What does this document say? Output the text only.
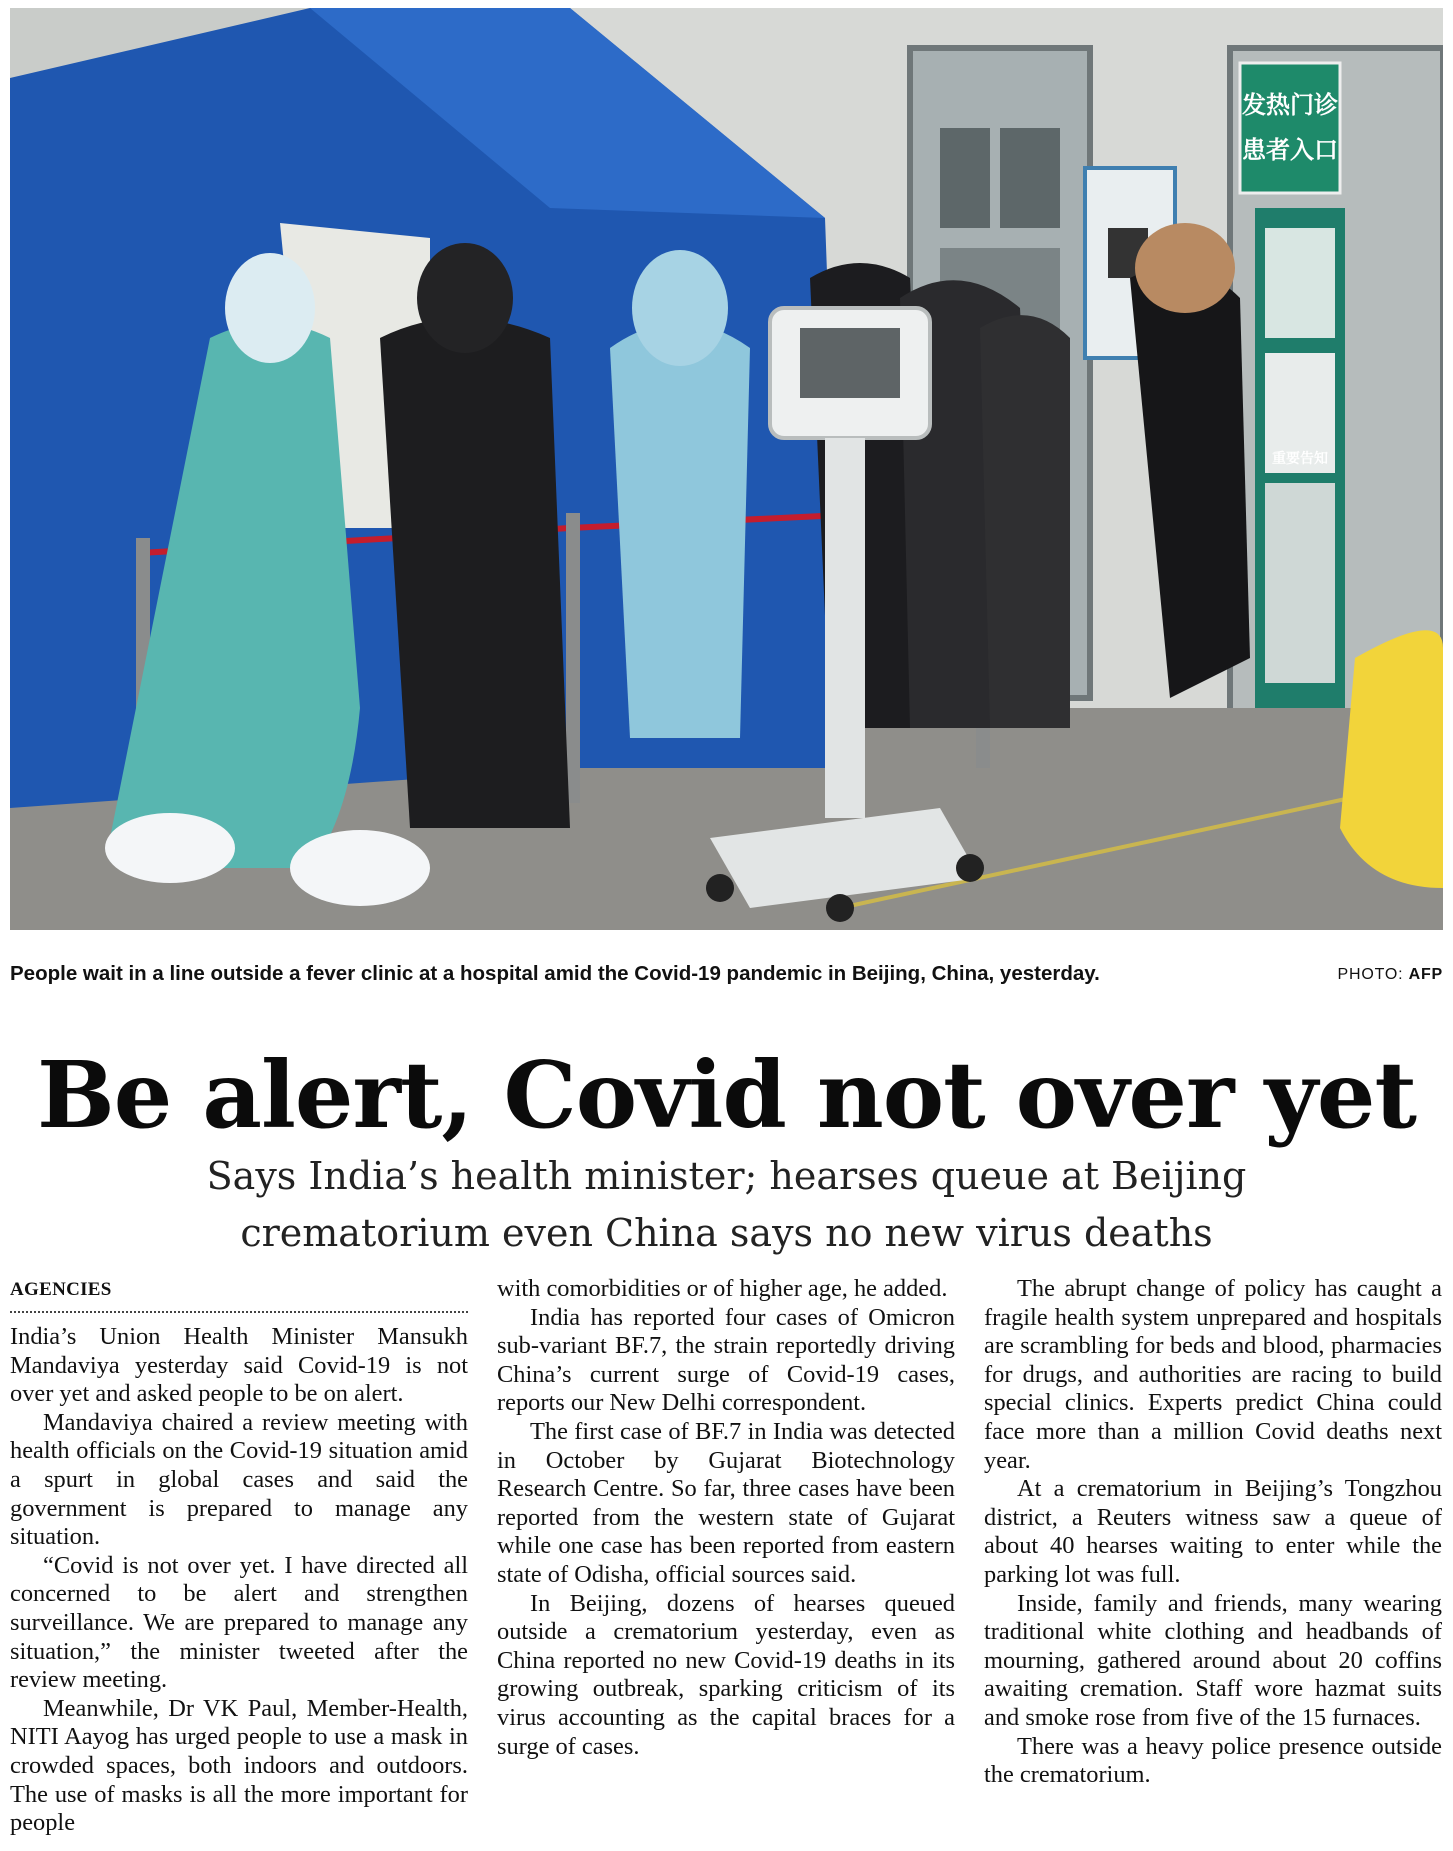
发热门诊
患者入口
重要告知
People wait in a line outside a fever clinic at a hospital amid the Covid-19 pandemic in Beijing, China, yesterday.	PHOTO: AFP
Be alert, Covid not over yet
Says India’s health minister; hearses queue at Beijing
crematorium even China says no new virus deaths
AGENCIES

India’s Union Health Minister Mansukh Mandaviya yesterday said Covid-19 is not over yet and asked people to be on alert.

Mandaviya chaired a review meeting with health officials on the Covid-19 situation amid a spurt in global cases and said the government is prepared to manage any situation.

“Covid is not over yet. I have directed all concerned to be alert and strengthen surveillance. We are prepared to manage any situation,” the minister tweeted after the review meeting.

Meanwhile, Dr VK Paul, Member-Health, NITI Aayog has urged people to use a mask in crowded spaces, both indoors and outdoors. The use of masks is all the more important for people

with comorbidities or of higher age, he added.

India has reported four cases of Omicron sub-variant BF.7, the strain reportedly driving China’s current surge of Covid-19 cases, reports our New Delhi correspondent.

The first case of BF.7 in India was detected in October by Gujarat Biotechnology Research Centre. So far, three cases have been reported from the western state of Gujarat while one case has been reported from eastern state of Odisha, official sources said.

In Beijing, dozens of hearses queued outside a crematorium yesterday, even as China reported no new Covid-19 deaths in its growing outbreak, sparking criticism of its virus accounting as the capital braces for a surge of cases.

The abrupt change of policy has caught a fragile health system unprepared and hospitals are scrambling for beds and blood, pharmacies for drugs, and authorities are racing to build special clinics. Experts predict China could face more than a million Covid deaths next year.

At a crematorium in Beijing’s Tongzhou district, a Reuters witness saw a queue of about 40 hearses waiting to enter while the parking lot was full.

Inside, family and friends, many wearing traditional white clothing and headbands of mourning, gathered around about 20 coffins awaiting cremation. Staff wore hazmat suits and smoke rose from five of the 15 furnaces.

There was a heavy police presence outside the crematorium.
